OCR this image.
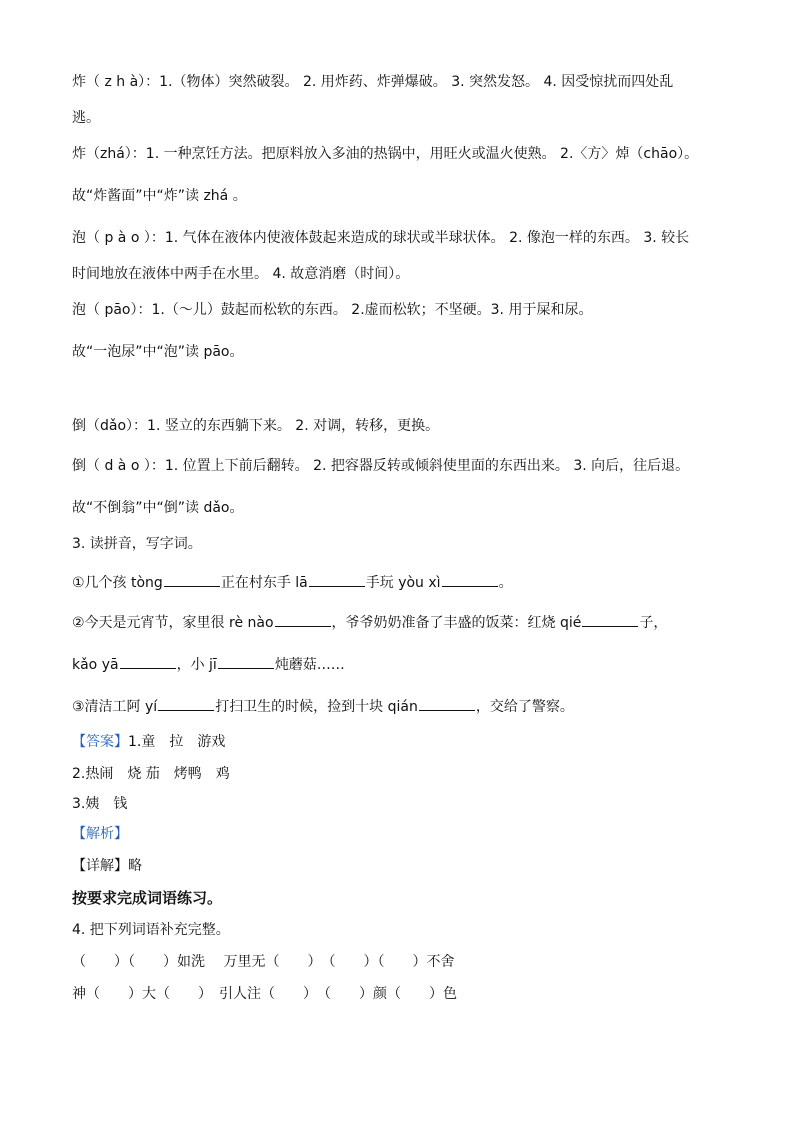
炸（ z h à）：1.（物体）突然破裂。 2. 用炸药、炸弹爆破。 3. 突然发怒。 4. 因受惊扰而四处乱
逃。
炸（zhá）：1. 一种烹饪方法。把原料放入多油的热锅中，用旺火或温火使熟。 2.〈方〉焯（chāo）。
故“炸酱面”中“炸”读 zhá 。
泡（ p à o ）：1. 气体在液体内使液体鼓起来造成的球状或半球状体。 2. 像泡一样的东西。 3. 较长
时间地放在液体中两手在水里。 4. 故意消磨（时间）。
泡（ pāo）：1.（～儿）鼓起而松软的东西。 2.虚而松软；不坚硬。3. 用于屎和尿。
故“一泡尿”中“泡”读 pāo。
倒（dǎo）：1. 竖立的东西躺下来。 2. 对调，转移，更换。
倒（ d à o ）：1. 位置上下前后翻转。 2. 把容器反转或倾斜使里面的东西出来。 3. 向后，往后退。
故“不倒翁”中“倒”读 dǎo。
3. 读拼音，写字词。
①几个孩 tòng	正在村东手 lā	手玩 yòu xì	。
②今天是元宵节，家里很 rè nào	，爷爷奶奶准备了丰盛的饭菜：红烧 qié	子，
kǎo yā	，小 jī	炖蘑菇……
③清洁工阿 yí	打扫卫生的时候，捡到十块 qián	，交给了警察。
【答案】1.童　拉　游戏
2.热闹　烧 茄　烤鸭　鸡
3.姨　钱
【解析】
【详解】略
按要求完成词语练习。
4. 把下列词语补充完整。
（　　）（　　）如洗　 万里无（　　）　（　　）（　　）不舍
神（　　）大（　　）　引人注（　　）　（　　）颜（　　）色
